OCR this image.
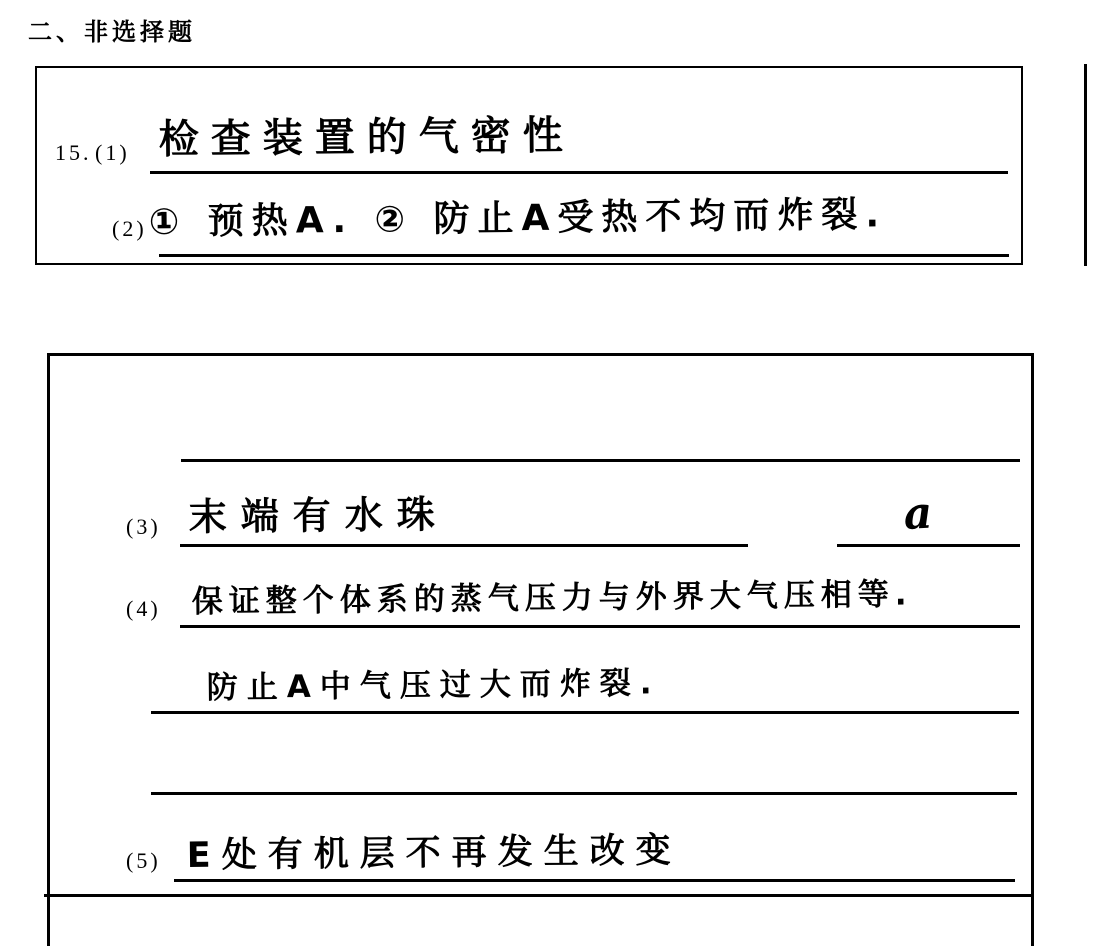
二、非选择题
15. (1) 检查装置的气密性
(2) ① 预热A. ② 防止A受热不均而炸裂.
(3) 末端有水珠	a
(4) 保证整个体系的蒸气压力与外界大气压相等.
防止A中气压过大而炸裂.
(5) E处有机层不再发生改变
